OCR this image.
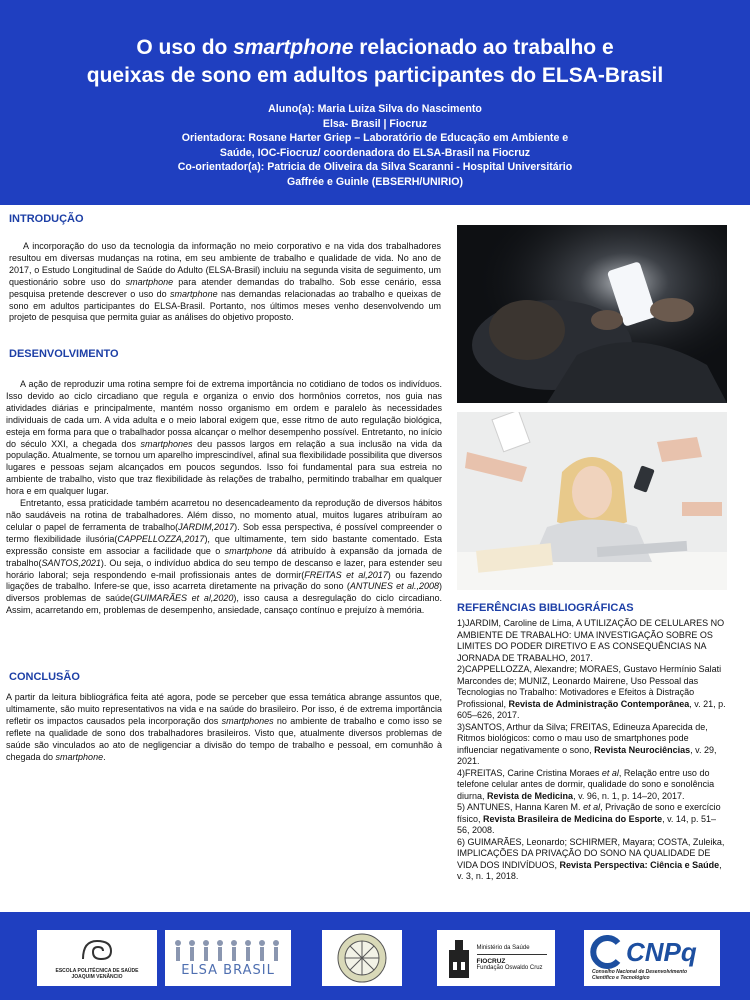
O uso do smartphone relacionado ao trabalho e
queixas de sono em adultos participantes do ELSA-Brasil
Aluno(a): Maria Luiza Silva do Nascimento
Elsa- Brasil | Fiocruz
Orientadora: Rosane Harter Griep – Laboratório de Educação em Ambiente e
Saúde, IOC-Fiocruz/ coordenadora do ELSA-Brasil na Fiocruz
Co-orientador(a): Patricia de Oliveira da Silva Scaranni - Hospital Universitário
Gaffrée e Guinle (EBSERH/UNIRIO)
INTRODUÇÃO

A incorporação do uso da tecnologia da informação no meio corporativo e na vida dos trabalhadores resultou em diversas mudanças na rotina, em seu ambiente de trabalho e qualidade de vida. No ano de 2017, o Estudo Longitudinal de Saúde do Adulto (ELSA-Brasil) incluiu na segunda visita de seguimento, um questionário sobre uso do smartphone para atender demandas do trabalho. Sob esse cenário, essa pesquisa pretende descrever o uso do smartphone nas demandas relacionadas ao trabalho e queixas de sono em adultos participantes do ELSA-Brasil. Portanto, nos últimos meses venho desenvolvendo um projeto de pesquisa que permita guiar as análises do objetivo proposto.

DESENVOLVIMENTO

A ação de reproduzir uma rotina sempre foi de extrema importância no cotidiano de todos os indivíduos. Isso devido ao ciclo circadiano que regula e organiza o envio dos hormônios corretos, nos guia nas atividades diárias e principalmente, mantém nosso organismo em ordem e paralelo às necessidades individuais de cada um. A vida adulta e o meio laboral exigem que, esse ritmo de auto regulação biológica, esteja em forma para que o trabalhador possa alcançar o melhor desempenho possível. Entretanto, no início do século XXI, a chegada dos smartphones deu passos largos em relação a sua inclusão na vida da população. Atualmente, se tornou um aparelho imprescindível, afinal sua flexibilidade possibilita que diversos lugares e pessoas sejam alcançados em poucos segundos. Isso foi fundamental para sua estreia no ambiente de trabalho, visto que traz flexibilidade às relações de trabalho, permitindo trabalhar em qualquer hora e em qualquer lugar.

Entretanto, essa praticidade também acarretou no desencadeamento da reprodução de diversos hábitos não saudáveis na rotina de trabalhadores. Além disso, no momento atual, muitos lugares atribuíram ao celular o papel de ferramenta de trabalho(JARDIM,2017). Sob essa perspectiva, é possível compreender o termo flexibilidade ilusória(CAPPELLOZZA,2017), que ultimamente, tem sido bastante comentado. Esta expressão consiste em associar a facilidade que o smartphone dá atribuído à expansão da jornada de trabalho(SANTOS,2021). Ou seja, o indivíduo abdica do seu tempo de descanso e lazer, para estender seu horário laboral; seja respondendo e-mail profissionais antes de dormir(FREITAS et al,2017) ou fazendo ligações de trabalho. Infere-se que, isso acarreta diretamente na privação do sono (ANTUNES et al.,2008) diversos problemas de saúde(GUIMARÃES et al,2020), isso causa a desregulação do ciclo circadiano. Assim, acarretando em, problemas de desempenho, ansiedade, cansaço contínuo e prejuízo à memória.

CONCLUSÃO

A partir da leitura bibliográfica feita até agora, pode se perceber que essa temática abrange assuntos que, ultimamente, são muito representativos na vida e na saúde do brasileiro. Por isso, é de extrema importância refletir os impactos causados pela incorporação dos smartphones no ambiente de trabalho e como isso se reflete na qualidade de sono dos trabalhadores brasileiros. Visto que, atualmente diversos problemas de saúde são vinculados ao ato de negligenciar a divisão do tempo de trabalho e pessoal, em comunhão à chegada do smartphone.

REFERÊNCIAS BIBLIOGRÁFICAS
1)JARDIM, Caroline de Lima, A UTILIZAÇÃO DE CELULARES NO AMBIENTE DE TRABALHO: UMA INVESTIGAÇÃO SOBRE OS LIMITES DO PODER DIRETIVO E AS CONSEQUÊNCIAS NA JORNADA DE TRABALHO, 2017.
2)CAPPELLOZZA, Alexandre; MORAES, Gustavo Hermínio Salati Marcondes de; MUNIZ, Leonardo Mairene, Uso Pessoal das Tecnologias no Trabalho: Motivadores e Efeitos à Distração Profissional, Revista de Administração Contemporânea, v. 21, p. 605–626, 2017.
3)SANTOS, Arthur da Silva; FREITAS, Edineuza Aparecida de, Ritmos biológicos: como o mau uso de smartphones pode influenciar negativamente o sono, Revista Neurociências, v. 29, 2021.
4)FREITAS, Carine Cristina Moraes et al, Relação entre uso do telefone celular antes de dormir, qualidade do sono e sonolência diurna, Revista de Medicina, v. 96, n. 1, p. 14–20, 2017.
5) ANTUNES, Hanna Karen M. et al, Privação de sono e exercício físico, Revista Brasileira de Medicina do Esporte, v. 14, p. 51–56, 2008.
6) GUIMARÃES, Leonardo; SCHIRMER, Mayara; COSTA, Zuleika, IMPLICAÇÕES DA PRIVAÇÃO DO SONO NA QUALIDADE DE VIDA DOS INDIVÍDUOS, Revista Perspectiva: Ciência e Saúde, v. 3, n. 1, 2018.
ESCOLA POLITÉCNICA DE SAÚDE
JOAQUIM VENÂNCIO	ELSA BRASIL
Ministério da Saúde
FIOCRUZ
Fundação Oswaldo Cruz
CNPq
Conselho Nacional de Desenvolvimento
Científico e Tecnológico
